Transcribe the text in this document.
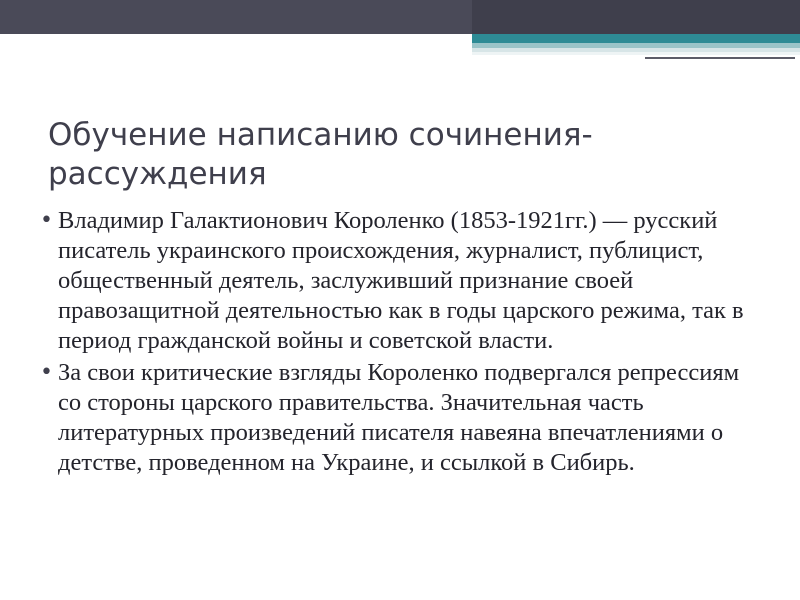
Обучение написанию сочинения-рассуждения
• Владимир Галактионович Короленко (1853-1921гг.) — русский писатель украинского происхождения, журналист, публицист, общественный деятель, заслуживший признание своей правозащитной деятельностью как в годы царского режима, так в период гражданской войны и советской власти.
• За свои критические взгляды Короленко подвергался репрессиям со стороны царского правительства. Значительная часть литературных произведений писателя навеяна впечатлениями о детстве, проведенном на Украине, и ссылкой в Сибирь.
